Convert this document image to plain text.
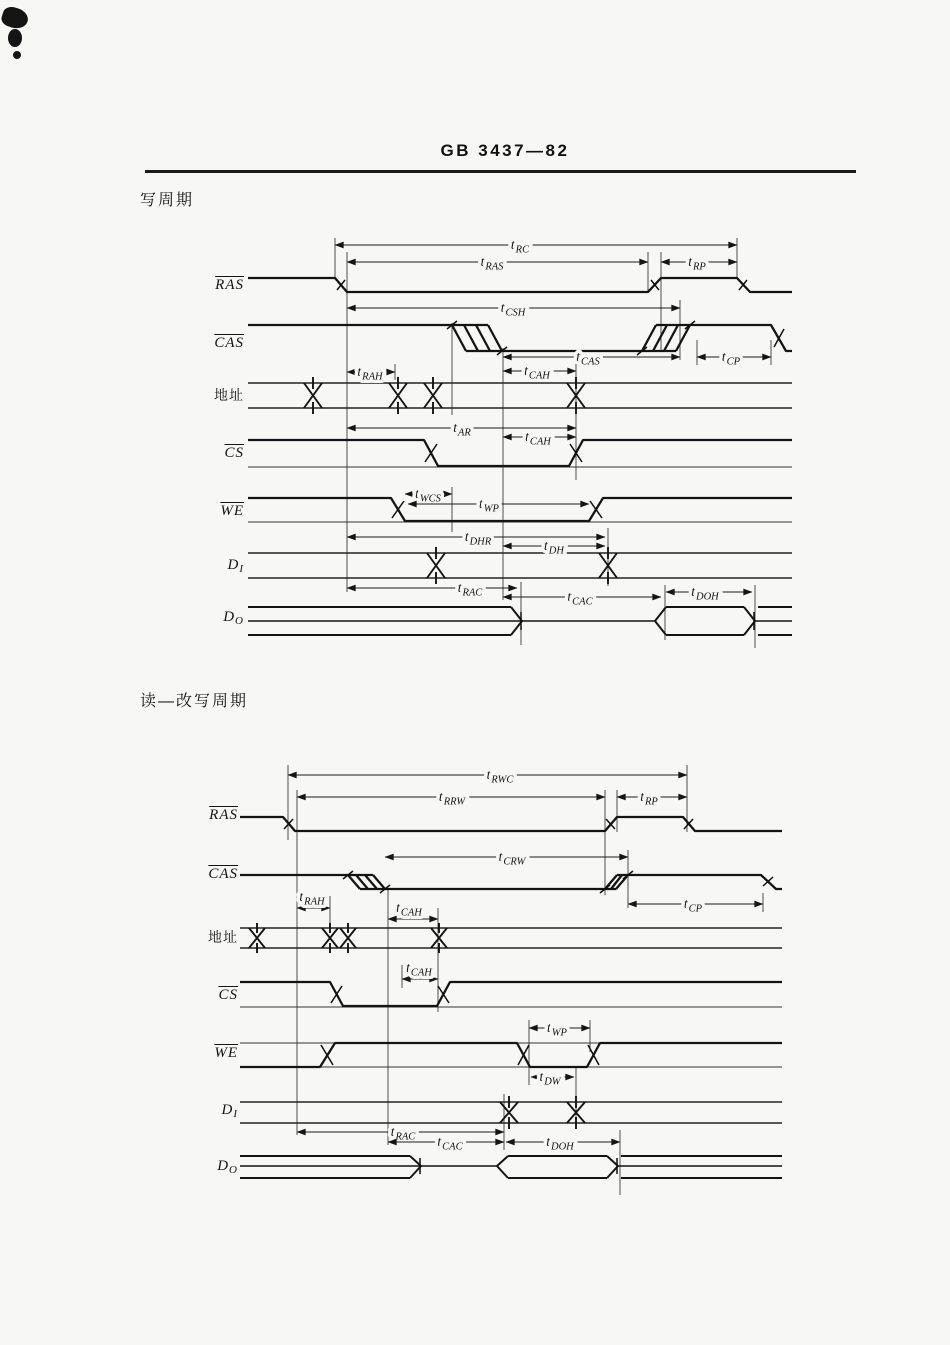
GB 3437—82
写周期
读—改写周期
$\overline{RAS}$
$\overline{CAS}$
地址
$\overline{CS}$
$\overline{WE}$
$D_I$
$D_O$
$\overline{RAS}$
$\overline{CAS}$
地址
$\overline{CS}$
$\overline{WE}$
$D_I$
$D_O$
$t_{RC}$
$t_{RAS}$	$t_{RP}$
$t_{CSH}$
$t_{CAS}$	$t_{CP}$
$t_{RAH}$	$t_{CAH}$
$t_{AR}$	$t_{CAH}$
$t_{WCS}$	$t_{WP}$
$t_{DHR}$	$t_{DH}$
$t_{RAC}$	$t_{CAC}$
$t_{DOH}$
$t_{RWC}$
$t_{RRW}$	$t_{RP}$
$t_{CRW}$
$t_{CP}$
$t_{RAH}$	$t_{CAH}$
$t_{CAH}$
$t_{WP}$
$t_{DW}$
$t_{RAC}$ $t_{CAC}$	$t_{DOH}$
